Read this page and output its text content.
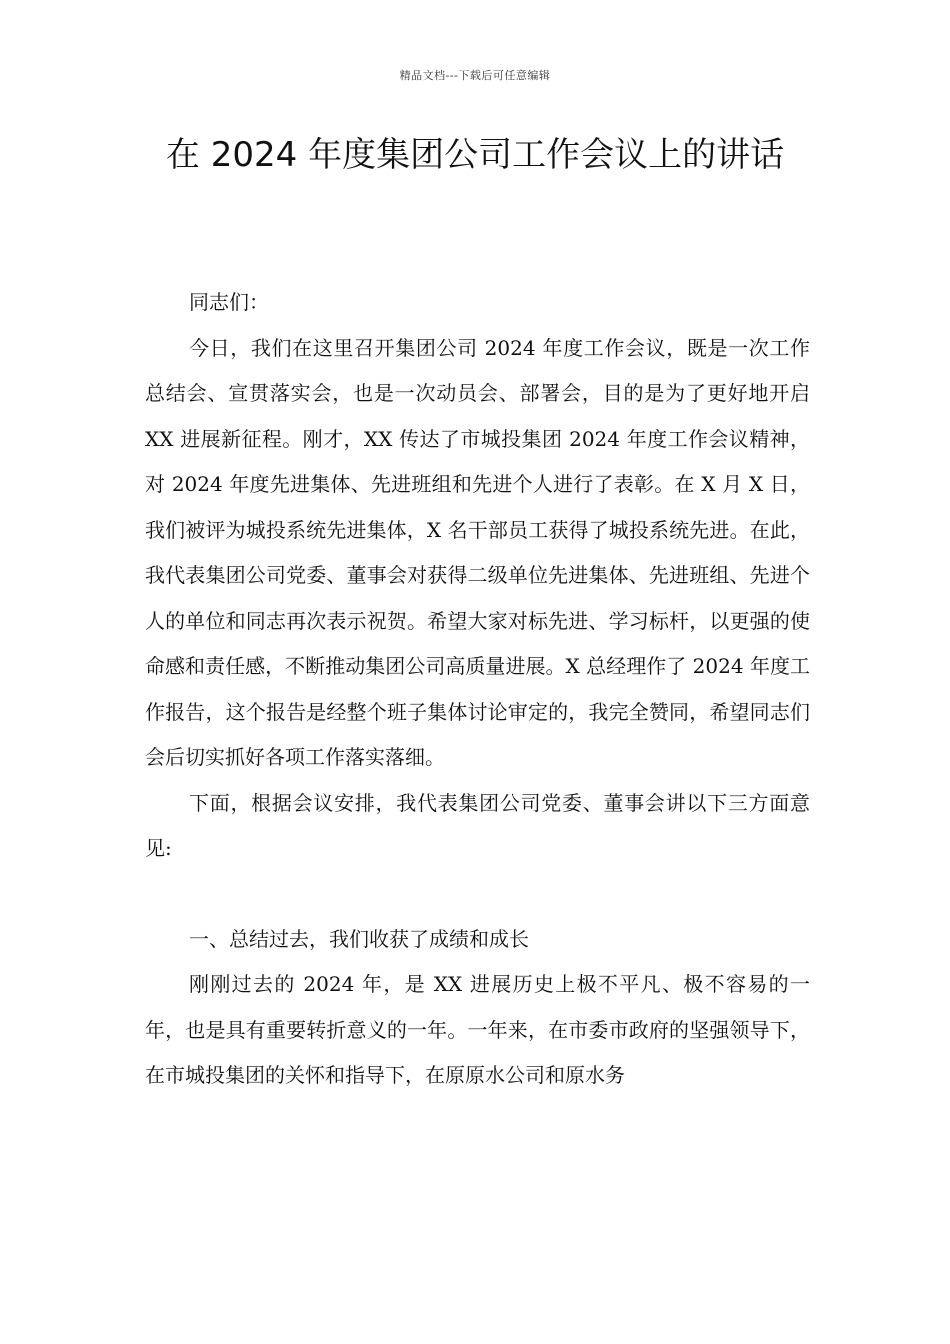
精品文档---下载后可任意编辑
在 2024 年度集团公司工作会议上的讲话

同志们：

今日，我们在这里召开集团公司 2024 年度工作会议，既是一次工作总结会、宣贯落实会，也是一次动员会、部署会，目的是为了更好地开启 XX 进展新征程。刚才，XX 传达了市城投集团 2024 年度工作会议精神，对 2024 年度先进集体、先进班组和先进个人进行了表彰。在 X 月 X 日，我们被评为城投系统先进集体，X 名干部员工获得了城投系统先进。在此，我代表集团公司党委、董事会对获得二级单位先进集体、先进班组、先进个人的单位和同志再次表示祝贺。希望大家对标先进、学习标杆，以更强的使命感和责任感，不断推动集团公司高质量进展。X 总经理作了 2024 年度工作报告，这个报告是经整个班子集体讨论审定的，我完全赞同，希望同志们会后切实抓好各项工作落实落细。

下面，根据会议安排，我代表集团公司党委、董事会讲以下三方面意见:

一、总结过去，我们收获了成绩和成长

刚刚过去的 2024 年，是 XX 进展历史上极不平凡、极不容易的一年，也是具有重要转折意义的一年。一年来，在市委市政府的坚强领导下，在市城投集团的关怀和指导下，在原原水公司和原水务
